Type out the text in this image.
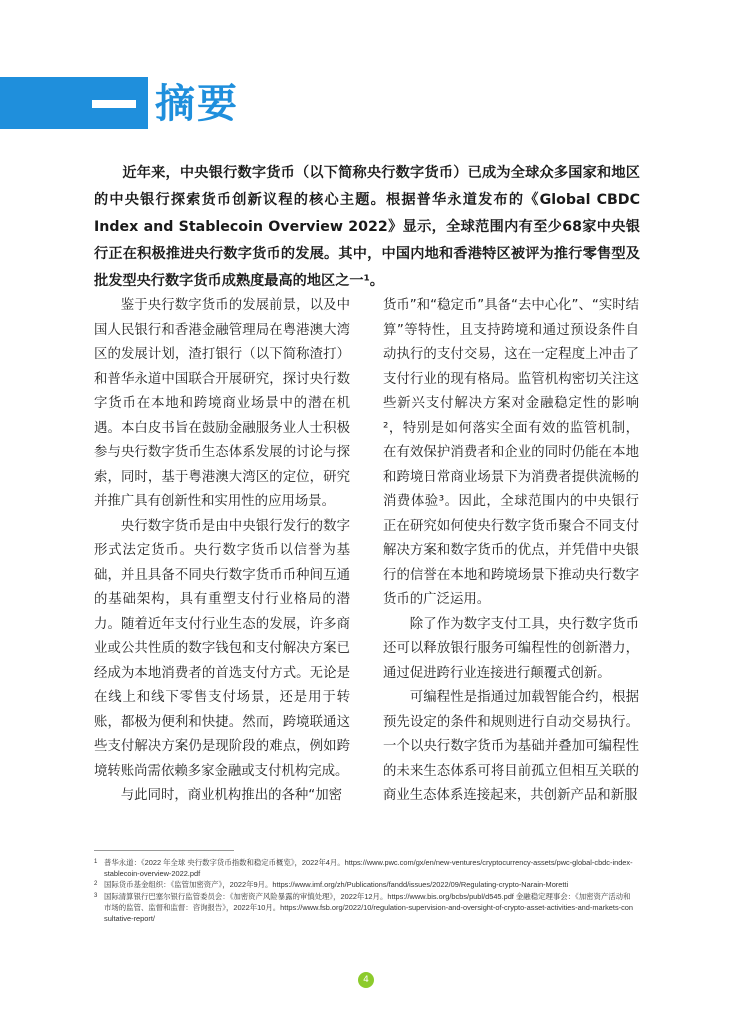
摘要

近年来，中央银行数字货币（以下简称央行数字货币）已成为全球众多国家和地区的中央银行探索货币创新议程的核心主题。根据普华永道发布的《Global CBDC Index and Stablecoin Overview 2022》显示，全球范围内有至少68家中央银行正在积极推进央行数字货币的发展。其中，中国内地和香港特区被评为推行零售型及批发型央行数字货币成熟度最高的地区之一¹。

鉴于央行数字货币的发展前景，以及中国人民银行和香港金融管理局在粤港澳大湾区的发展计划，渣打银行（以下简称渣打）和普华永道中国联合开展研究，探讨央行数字货币在本地和跨境商业场景中的潜在机遇。本白皮书旨在鼓励金融服务业人士积极参与央行数字货币生态体系发展的讨论与探索，同时，基于粤港澳大湾区的定位，研究并推广具有创新性和实用性的应用场景。

央行数字货币是由中央银行发行的数字形式法定货币。央行数字货币以信誉为基础，并且具备不同央行数字货币币种间互通的基础架构，具有重塑支付行业格局的潜力。随着近年支付行业生态的发展，许多商业或公共性质的数字钱包和支付解决方案已经成为本地消费者的首选支付方式。无论是在线上和线下零售支付场景，还是用于转账，都极为便利和快捷。然而，跨境联通这些支付解决方案仍是现阶段的难点，例如跨境转账尚需依赖多家金融或支付机构完成。

与此同时，商业机构推出的各种“加密

货币”和“稳定币”具备“去中心化”、“实时结算”等特性，且支持跨境和通过预设条件自动执行的支付交易，这在一定程度上冲击了支付行业的现有格局。监管机构密切关注这些新兴支付解决方案对金融稳定性的影响²，特别是如何落实全面有效的监管机制，在有效保护消费者和企业的同时仍能在本地和跨境日常商业场景下为消费者提供流畅的消费体验³。因此，全球范围内的中央银行正在研究如何使央行数字货币聚合不同支付解决方案和数字货币的优点，并凭借中央银行的信誉在本地和跨境场景下推动央行数字货币的广泛运用。

除了作为数字支付工具，央行数字货币还可以释放银行服务可编程性的创新潜力，通过促进跨行业连接进行颠覆式创新。

可编程性是指通过加载智能合约，根据预先设定的条件和规则进行自动交易执行。一个以央行数字货币为基础并叠加可编程性的未来生态体系可将目前孤立但相互关联的商业生态体系连接起来，共创新产品和新服

1 普华永道：《2022 年全球 央行数字货币指数和稳定币概览》，2022年4月。https://www.pwc.com/gx/en/new-ventures/cryptocurrency-assets/pwc-global-cbdc-index-stablecoin-overview-2022.pdf
2 国际货币基金组织：《监管加密资产》，2022年9月。https://www.imf.org/zh/Publications/fandd/issues/2022/09/Regulating-crypto-Narain-Moretti
3 国际清算银行巴塞尔银行监管委员会：《加密资产风险暴露的审慎处理》，2022年12月。https://www.bis.org/bcbs/publ/d545.pdf 金融稳定理事会：《加密资产活动和市场的监管、监督和监督：咨询报告》，2022年10月。https://www.fsb.org/2022/10/regulation-supervision-and-oversight-of-crypto-asset-activities-and-markets-consultative-report/
4
